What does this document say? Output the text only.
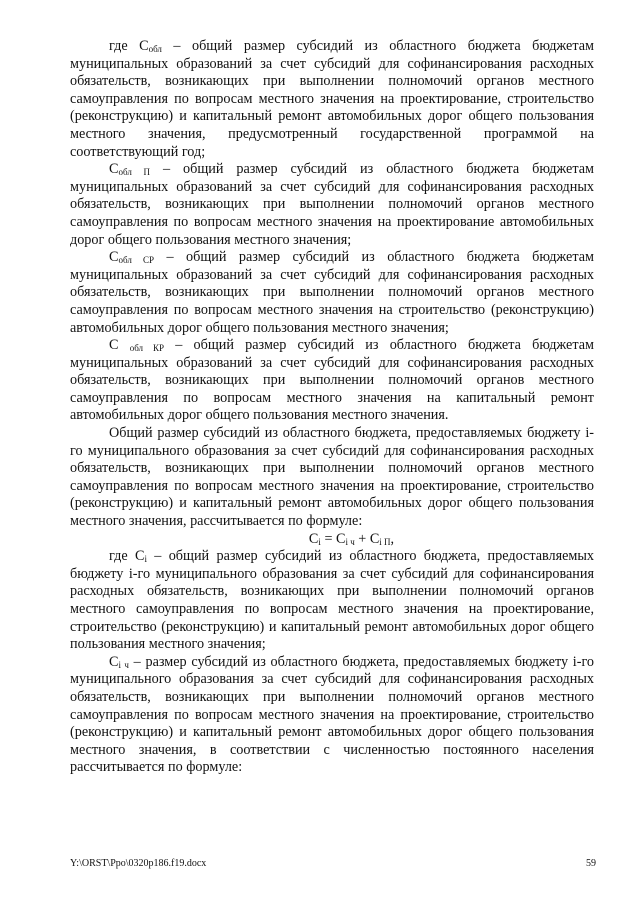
где $С_{обл}$ – общий размер субсидий из областного бюджета бюджетам муниципальных образований за счет субсидий для софинансирования расходных обязательств, возникающих при выполнении полномочий органов местного самоуправления по вопросам местного значения на проектирование, строительство (реконструкцию) и капитальный ремонт автомобильных дорог общего пользования местного значения, предусмотренный государственной программой на соответствующий год;

$С_{обл П}$ – общий размер субсидий из областного бюджета бюджетам муниципальных образований за счет субсидий для софинансирования расходных обязательств, возникающих при выполнении полномочий органов местного самоуправления по вопросам местного значения на проектирование автомобильных дорог общего пользования местного значения;

$С_{обл СР}$ – общий размер субсидий из областного бюджета бюджетам муниципальных образований за счет субсидий для софинансирования расходных обязательств, возникающих при выполнении полномочий органов местного самоуправления по вопросам местного значения на строительство (реконструкцию) автомобильных дорог общего пользования местного значения;

С $_{обл КР}$ – общий размер субсидий из областного бюджета бюджетам муниципальных образований за счет субсидий для софинансирования расходных обязательств, возникающих при выполнении полномочий органов местного самоуправления по вопросам местного значения на капитальный ремонт автомобильных дорог общего пользования местного значения.

Общий размер субсидий из областного бюджета, предоставляемых бюджету i-го муниципального образования за счет субсидий для софинансирования расходных обязательств, возникающих при выполнении полномочий органов местного самоуправления по вопросам местного значения на проектирование, строительство (реконструкцию) и капитальный ремонт автомобильных дорог общего пользования местного значения, рассчитывается по формуле:

$С_i = С_{i ч} + С_{i П}$,

где $С_i$ – общий размер субсидий из областного бюджета, предоставляемых бюджету i-го муниципального образования за счет субсидий для софинансирования расходных обязательств, возникающих при выполнении полномочий органов местного самоуправления по вопросам местного значения на проектирование, строительство (реконструкцию) и капитальный ремонт автомобильных дорог общего пользования местного значения;

$С_{i ч}$ – размер субсидий из областного бюджета, предоставляемых бюджету i-го муниципального образования за счет субсидий для софинансирования расходных обязательств, возникающих при выполнении полномочий органов местного самоуправления по вопросам местного значения на проектирование, строительство (реконструкцию) и капитальный ремонт автомобильных дорог общего пользования местного значения, в соответствии с численностью постоянного населения рассчитывается по формуле:

Y:\ORST\Ppo\0320p186.f19.docx	59
